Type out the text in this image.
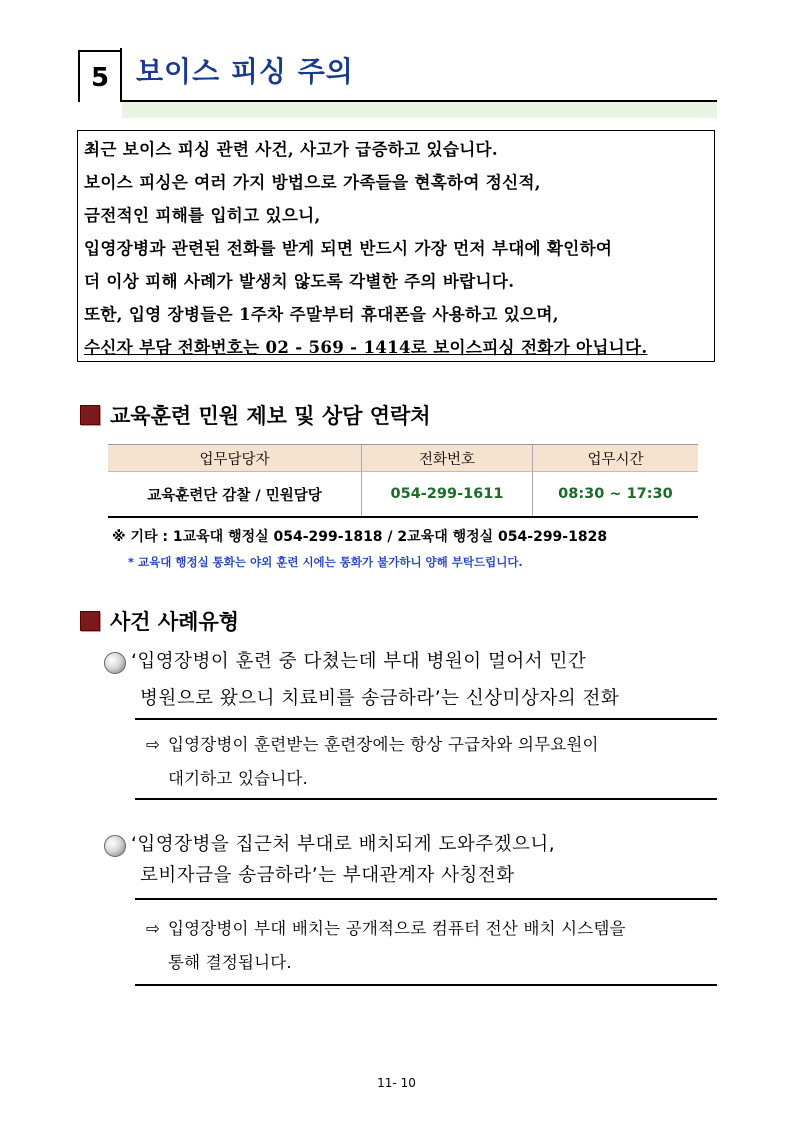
5 보이스 피싱 주의
최근 보이스 피싱 관련 사건, 사고가 급증하고 있습니다.
보이스 피싱은 여러 가지 방법으로 가족들을 현혹하여 정신적,
금전적인 피해를 입히고 있으니,
입영장병과 관련된 전화를 받게 되면 반드시 가장 먼저 부대에 확인하여
더 이상 피해 사례가 발생치 않도록 각별한 주의 바랍니다.
또한, 입영 장병들은 1주차 주말부터 휴대폰을 사용하고 있으며,
수신자 부담 전화번호는 02 - 569 - 1414로 보이스피싱 전화가 아닙니다.
교육훈련 민원 제보 및 상담 연락처
업무담당자	전화번호	업무시간
교육훈련단 감찰 / 민원담당	054-299-1611	08:30 ~ 17:30
※ 기타 : 1교육대 행정실 054-299-1818 / 2교육대 행정실 054-299-1828
* 교육대 행정실 통화는 야외 훈련 시에는 통화가 불가하니 양해 부탁드립니다.
사건 사례유형
‘입영장병이 훈련 중 다쳤는데 부대 병원이 멀어서 민간
병원으로 왔으니 치료비를 송금하라’는 신상미상자의 전화
⇨ 입영장병이 훈련받는 훈련장에는 항상 구급차와 의무요원이
대기하고 있습니다.
‘입영장병을 집근처 부대로 배치되게 도와주겠으니,
로비자금을 송금하라’는 부대관계자 사칭전화
⇨ 입영장병이 부대 배치는 공개적으로 컴퓨터 전산 배치 시스템을
통해 결정됩니다.
11- 10
